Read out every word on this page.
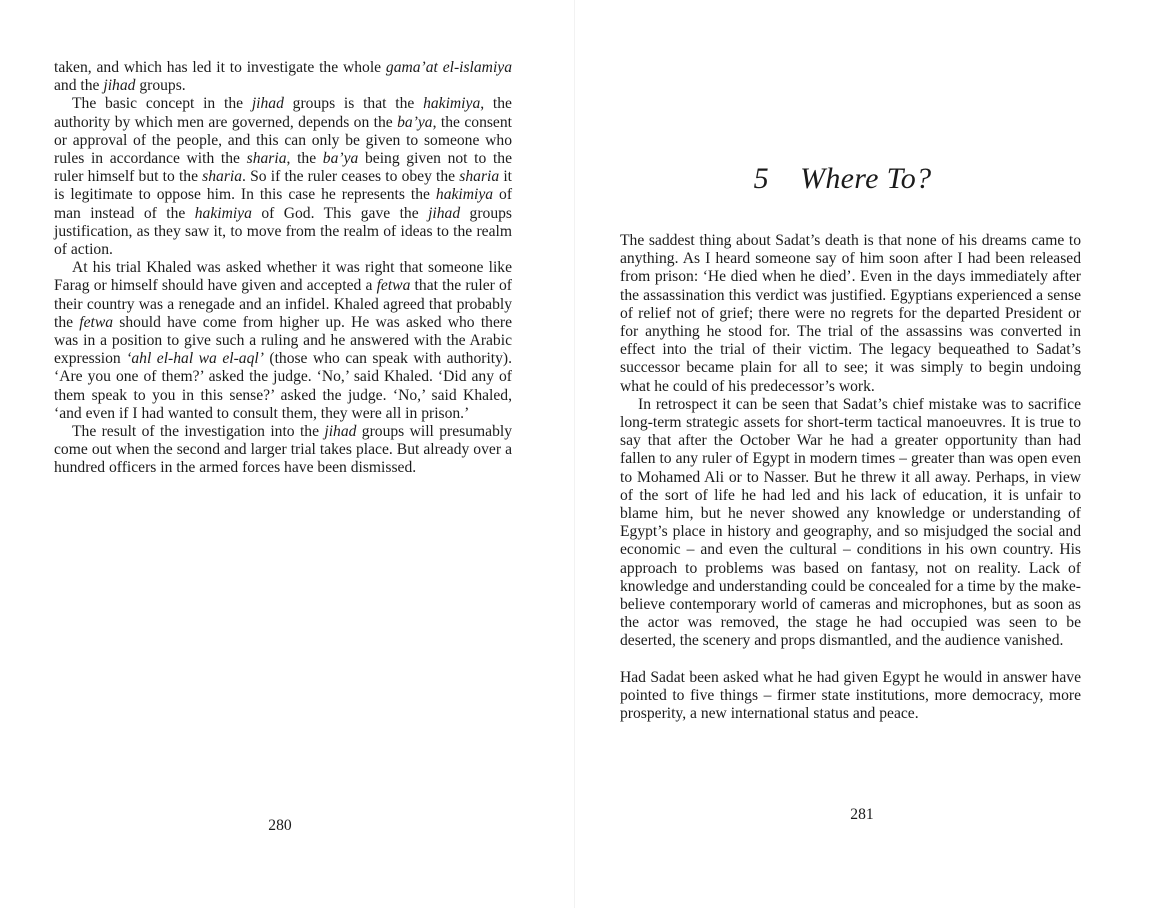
taken, and which has led it to investigate the whole gama’at el-islamiya and the jihad groups.

The basic concept in the jihad groups is that the hakimiya, the authority by which men are governed, depends on the ba’ya, the consent or approval of the people, and this can only be given to someone who rules in accordance with the sharia, the ba’ya being given not to the ruler himself but to the sharia. So if the ruler ceases to obey the sharia it is legitimate to oppose him. In this case he represents the hakimiya of man instead of the hakimiya of God. This gave the jihad groups justification, as they saw it, to move from the realm of ideas to the realm of action.

At his trial Khaled was asked whether it was right that someone like Farag or himself should have given and accepted a fetwa that the ruler of their country was a renegade and an infidel. Khaled agreed that probably the fetwa should have come from higher up. He was asked who there was in a position to give such a ruling and he answered with the Arabic expression ‘ahl el-hal wa el-aql’ (those who can speak with authority). ‘Are you one of them?’ asked the judge. ‘No,’ said Khaled. ‘Did any of them speak to you in this sense?’ asked the judge. ‘No,’ said Khaled, ‘and even if I had wanted to consult them, they were all in prison.’

The result of the investigation into the jihad groups will presumably come out when the second and larger trial takes place. But already over a hundred officers in the armed forces have been dismissed.

280
5 Where To?

The saddest thing about Sadat’s death is that none of his dreams came to anything. As I heard someone say of him soon after I had been released from prison: ‘He died when he died’. Even in the days immediately after the assassination this verdict was justified. Egyptians experienced a sense of relief not of grief; there were no regrets for the departed President or for anything he stood for. The trial of the assassins was converted in effect into the trial of their victim. The legacy bequeathed to Sadat’s successor became plain for all to see; it was simply to begin undoing what he could of his predecessor’s work.

In retrospect it can be seen that Sadat’s chief mistake was to sacrifice long-term strategic assets for short-term tactical manoeuvres. It is true to say that after the October War he had a greater opportunity than had fallen to any ruler of Egypt in modern times – greater than was open even to Mohamed Ali or to Nasser. But he threw it all away. Perhaps, in view of the sort of life he had led and his lack of education, it is unfair to blame him, but he never showed any knowledge or understanding of Egypt’s place in history and geography, and so misjudged the social and economic – and even the cultural – conditions in his own country. His approach to problems was based on fantasy, not on reality. Lack of knowledge and understanding could be concealed for a time by the make-believe contemporary world of cameras and microphones, but as soon as the actor was removed, the stage he had occupied was seen to be deserted, the scenery and props dismantled, and the audience vanished.

Had Sadat been asked what he had given Egypt he would in answer have pointed to five things – firmer state institutions, more democracy, more prosperity, a new international status and peace.

281
